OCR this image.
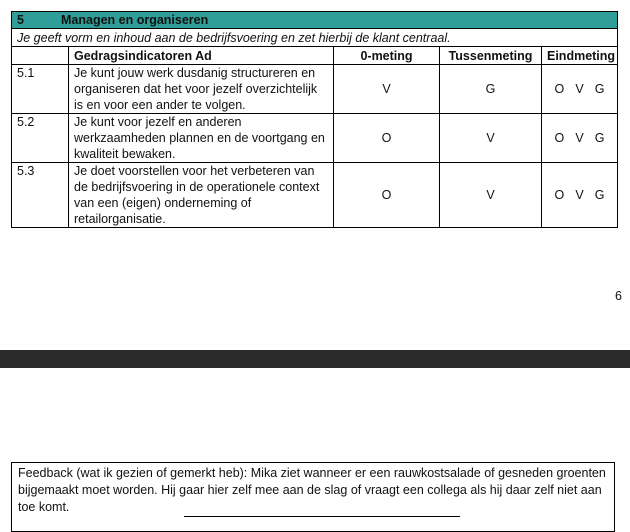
5 Managen en organiseren				
Je geeft vorm en inhoud aan de bedrijfsvoering en zet hierbij de klant centraal.				
	Gedragsindicatoren Ad	0-meting	Tussenmeting	Eindmeting
5.1	Je kunt jouw werk dusdanig structureren en organiseren dat het voor jezelf overzichtelijk is en voor een ander te volgen.	V	G	O V G

5.2	Je kunt voor jezelf en anderen werkzaamheden plannen en de voortgang en kwaliteit bewaken.	O	V	O V G

5.3	Je doet voorstellen voor het verbeteren van de bedrijfsvoering in de operationele context van een (eigen) onderneming of retailorganisatie.	O	V	O V G
6
Feedback (wat ik gezien of gemerkt heb): Mika ziet wanneer er een rauwkostsalade of gesneden groenten bijgemaakt moet worden. Hij gaar hier zelf mee aan de slag of vraagt een collega als hij daar zelf niet aan toe komt.
